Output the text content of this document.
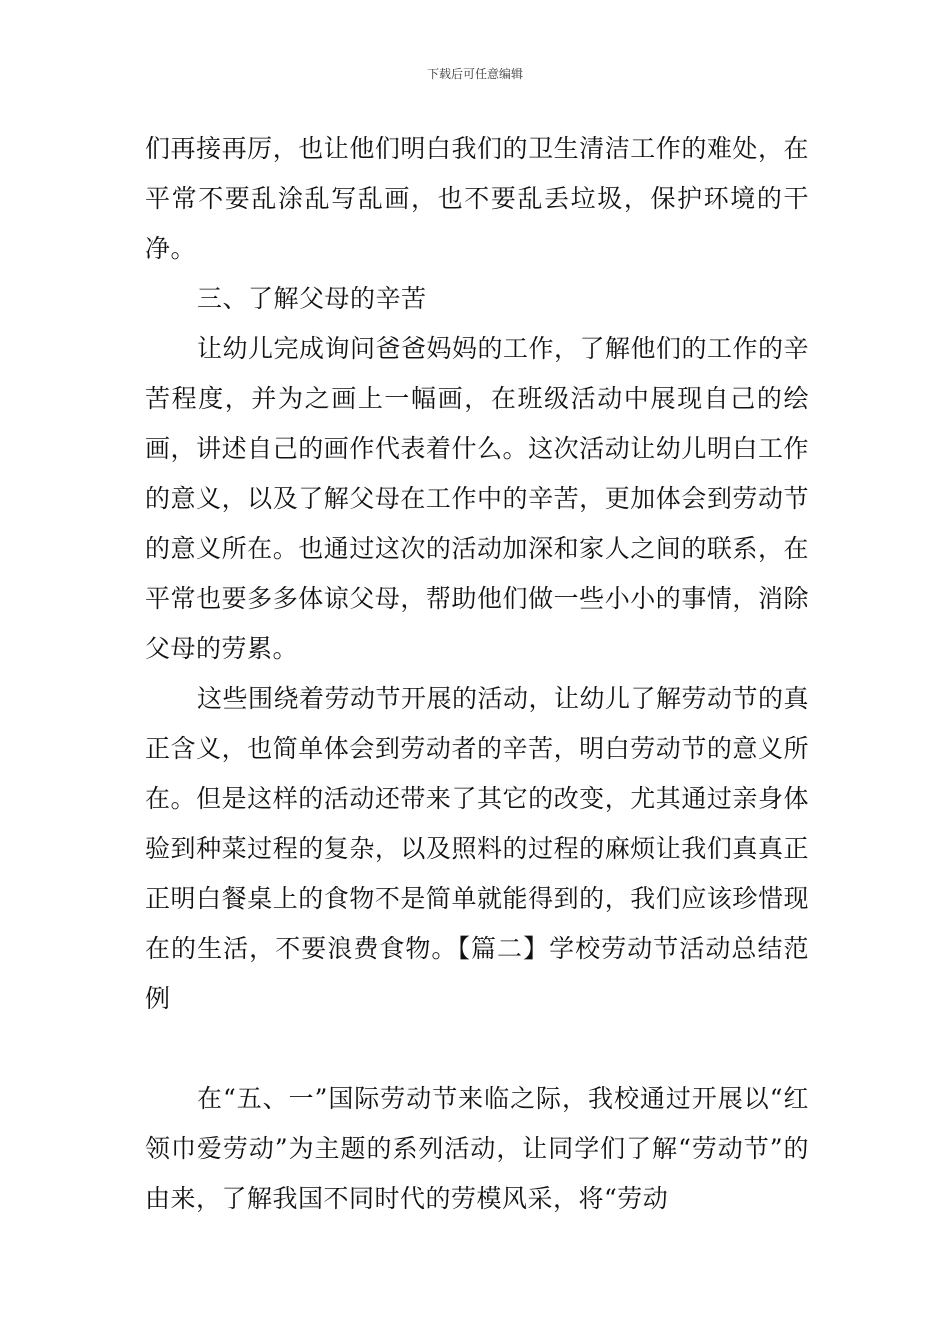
下载后可任意编辑

们再接再厉，也让他们明白我们的卫生清洁工作的难处，在平常不要乱涂乱写乱画，也不要乱丢垃圾，保护环境的干净。

三、了解父母的辛苦

让幼儿完成询问爸爸妈妈的工作，了解他们的工作的辛苦程度，并为之画上一幅画，在班级活动中展现自己的绘画，讲述自己的画作代表着什么。这次活动让幼儿明白工作的意义，以及了解父母在工作中的辛苦，更加体会到劳动节的意义所在。也通过这次的活动加深和家人之间的联系，在平常也要多多体谅父母，帮助他们做一些小小的事情，消除父母的劳累。

这些围绕着劳动节开展的活动，让幼儿了解劳动节的真正含义，也简单体会到劳动者的辛苦，明白劳动节的意义所在。但是这样的活动还带来了其它的改变，尤其通过亲身体验到种菜过程的复杂，以及照料的过程的麻烦让我们真真正正明白餐桌上的食物不是简单就能得到的，我们应该珍惜现在的生活，不要浪费食物。【篇二】学校劳动节活动总结范例

在“五、一”国际劳动节来临之际，我校通过开展以“红领巾爱劳动”为主题的系列活动，让同学们了解“劳动节”的由来，了解我国不同时代的劳模风采，将“劳动
